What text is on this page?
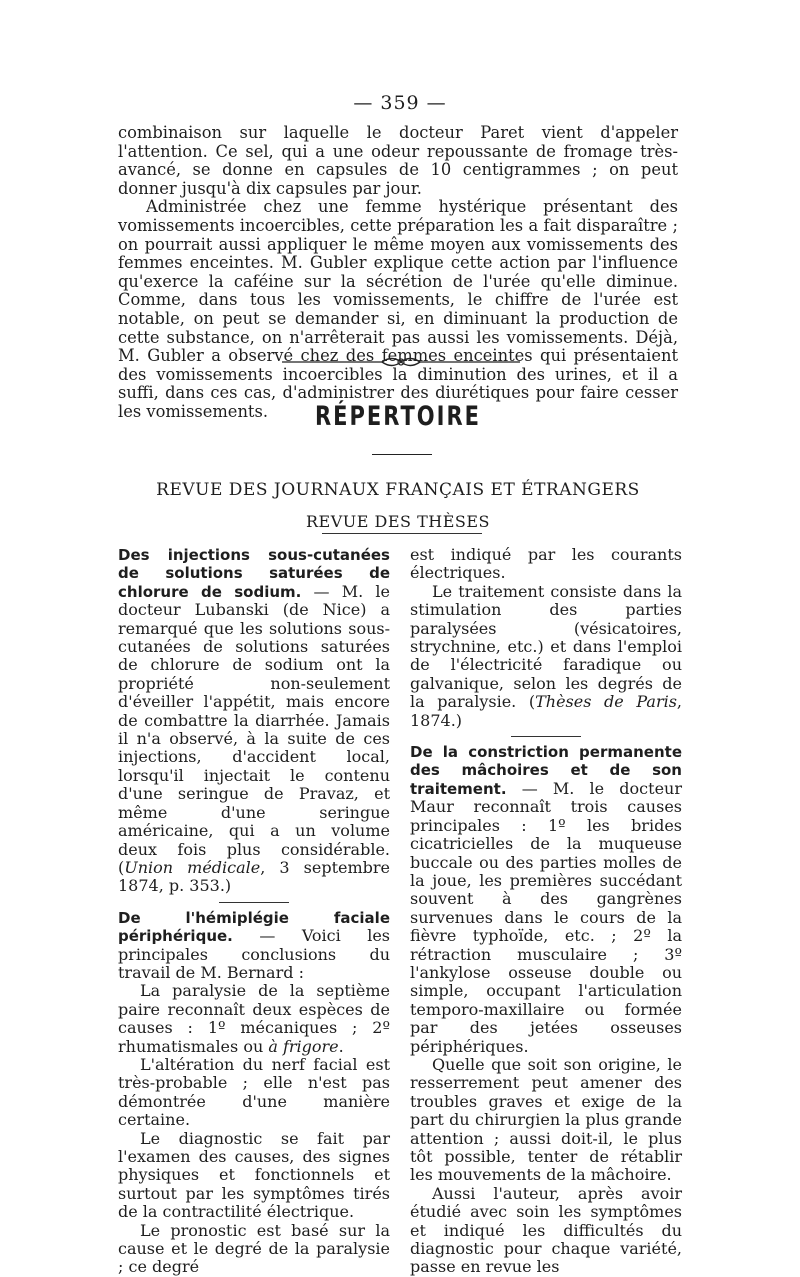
— 359 —

combinaison sur laquelle le docteur Paret vient d'appeler l'attention. Ce sel, qui a une odeur repoussante de fromage très-avancé, se donne en capsules de 10 centigrammes ; on peut donner jusqu'à dix capsules par jour.

Administrée chez une femme hystérique présentant des vomissements incoercibles, cette préparation les a fait disparaître ; on pourrait aussi appliquer le même moyen aux vomissements des femmes enceintes. M. Gubler explique cette action par l'influence qu'exerce la caféine sur la sécrétion de l'urée qu'elle diminue. Comme, dans tous les vomissements, le chiffre de l'urée est notable, on peut se demander si, en diminuant la production de cette substance, on n'arrêterait pas aussi les vomissements. Déjà, M. Gubler a observé chez des femmes enceintes qui présentaient des vomissements incoercibles la diminution des urines, et il a suffi, dans ces cas, d'administrer des diurétiques pour faire cesser les vomissements.	RÉPERTOIRE
REVUE DES JOURNAUX FRANÇAIS ET ÉTRANGERS
REVUE DES THÈSES

Des injections sous-cutanées de solutions saturées de chlorure de sodium. — M. le docteur Lubanski (de Nice) a remarqué que les solutions sous-cutanées de solutions saturées de chlorure de sodium ont la propriété non-seulement d'éveiller l'appétit, mais encore de combattre la diarrhée. Jamais il n'a observé, à la suite de ces injections, d'accident local, lorsqu'il injectait le contenu d'une seringue de Pravaz, et même d'une seringue américaine, qui a un volume deux fois plus considérable. (Union médicale, 3 septembre 1874, p. 353.)

De l'hémiplégie faciale périphérique. — Voici les principales conclusions du travail de M. Bernard :

La paralysie de la septième paire reconnaît deux espèces de causes : 1º mécaniques ; 2º rhumatismales ou à frigore.

L'altération du nerf facial est très-probable ; elle n'est pas démontrée d'une manière certaine.

Le diagnostic se fait par l'examen des causes, des signes physiques et fonctionnels et surtout par les symptômes tirés de la contractilité électrique.

Le pronostic est basé sur la cause et le degré de la paralysie ; ce degré

est indiqué par les courants électriques.

Le traitement consiste dans la stimulation des parties paralysées (vésicatoires, strychnine, etc.) et dans l'emploi de l'électricité faradique ou galvanique, selon les degrés de la paralysie. (Thèses de Paris, 1874.)

De la constriction permanente des mâchoires et de son traitement. — M. le docteur Maur reconnaît trois causes principales : 1º les brides cicatricielles de la muqueuse buccale ou des parties molles de la joue, les premières succédant souvent à des gangrènes survenues dans le cours de la fièvre typhoïde, etc. ; 2º la rétraction musculaire ; 3º l'ankylose osseuse double ou simple, occupant l'articulation temporo-maxillaire ou formée par des jetées osseuses périphériques.

Quelle que soit son origine, le resserrement peut amener des troubles graves et exige de la part du chirurgien la plus grande attention ; aussi doit-il, le plus tôt possible, tenter de rétablir les mouvements de la mâchoire.

Aussi l'auteur, après avoir étudié avec soin les symptômes et indiqué les difficultés du diagnostic pour chaque variété, passe en revue les
